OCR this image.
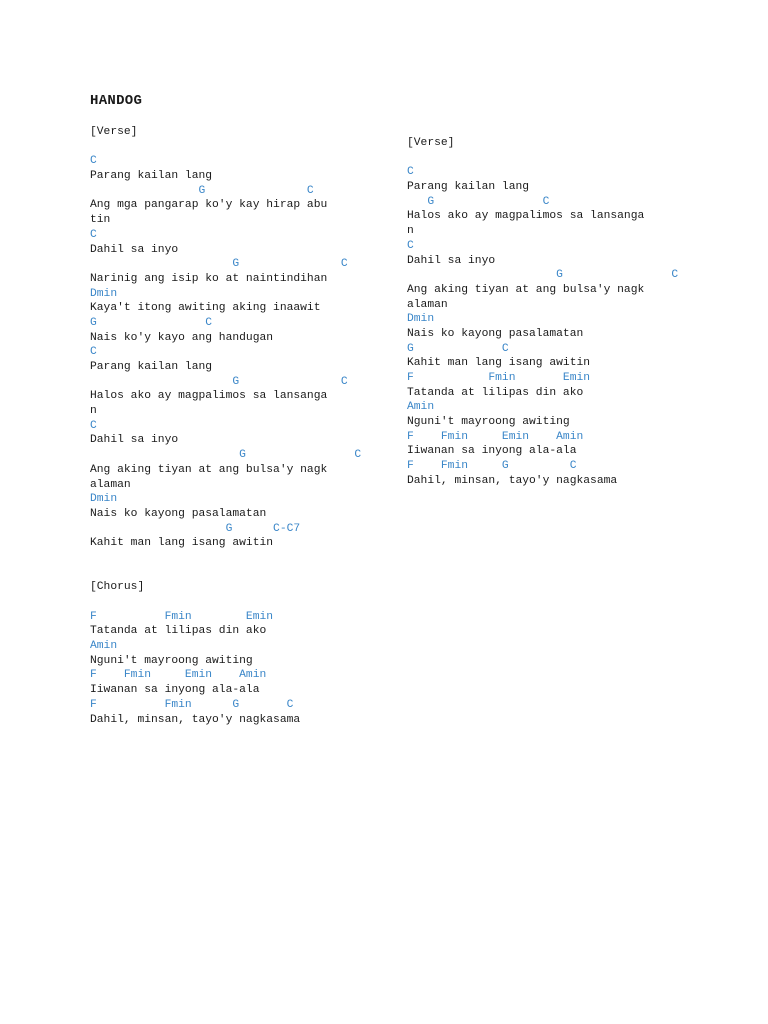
HANDOG
[Verse]
C
Parang kailan lang
G               C
Ang mga pangarap ko'y kay hirap abu
tin
C
Dahil sa inyo
G               C
Narinig ang isip ko at naintindihan
Dmin
Kaya't itong awiting aking inaawit
G                C
Nais ko'y kayo ang handugan
C
Parang kailan lang
G               C
Halos ako ay magpalimos sa lansanga
n
C
Dahil sa inyo
G                C
Ang aking tiyan at ang bulsa'y nagk
alaman
Dmin
Nais ko kayong pasalamatan
G      C-C7
Kahit man lang isang awitin
[Chorus]
F          Fmin        Emin
Tatanda at lilipas din ako
Amin
Nguni't mayroong awiting
F    Fmin     Emin    Amin
Iiwanan sa inyong ala-ala
F          Fmin      G       C
Dahil, minsan, tayo'y nagkasama
[Verse]
C
Parang kailan lang
G                C
Halos ako ay magpalimos sa lansanga
n
C
Dahil sa inyo
G                C
Ang aking tiyan at ang bulsa'y nagk
alaman
Dmin
Nais ko kayong pasalamatan
G             C
Kahit man lang isang awitin
F           Fmin       Emin
Tatanda at lilipas din ako
Amin
Nguni't mayroong awiting
F    Fmin     Emin    Amin
Iiwanan sa inyong ala-ala
F    Fmin     G         C
Dahil, minsan, tayo'y nagkasama
